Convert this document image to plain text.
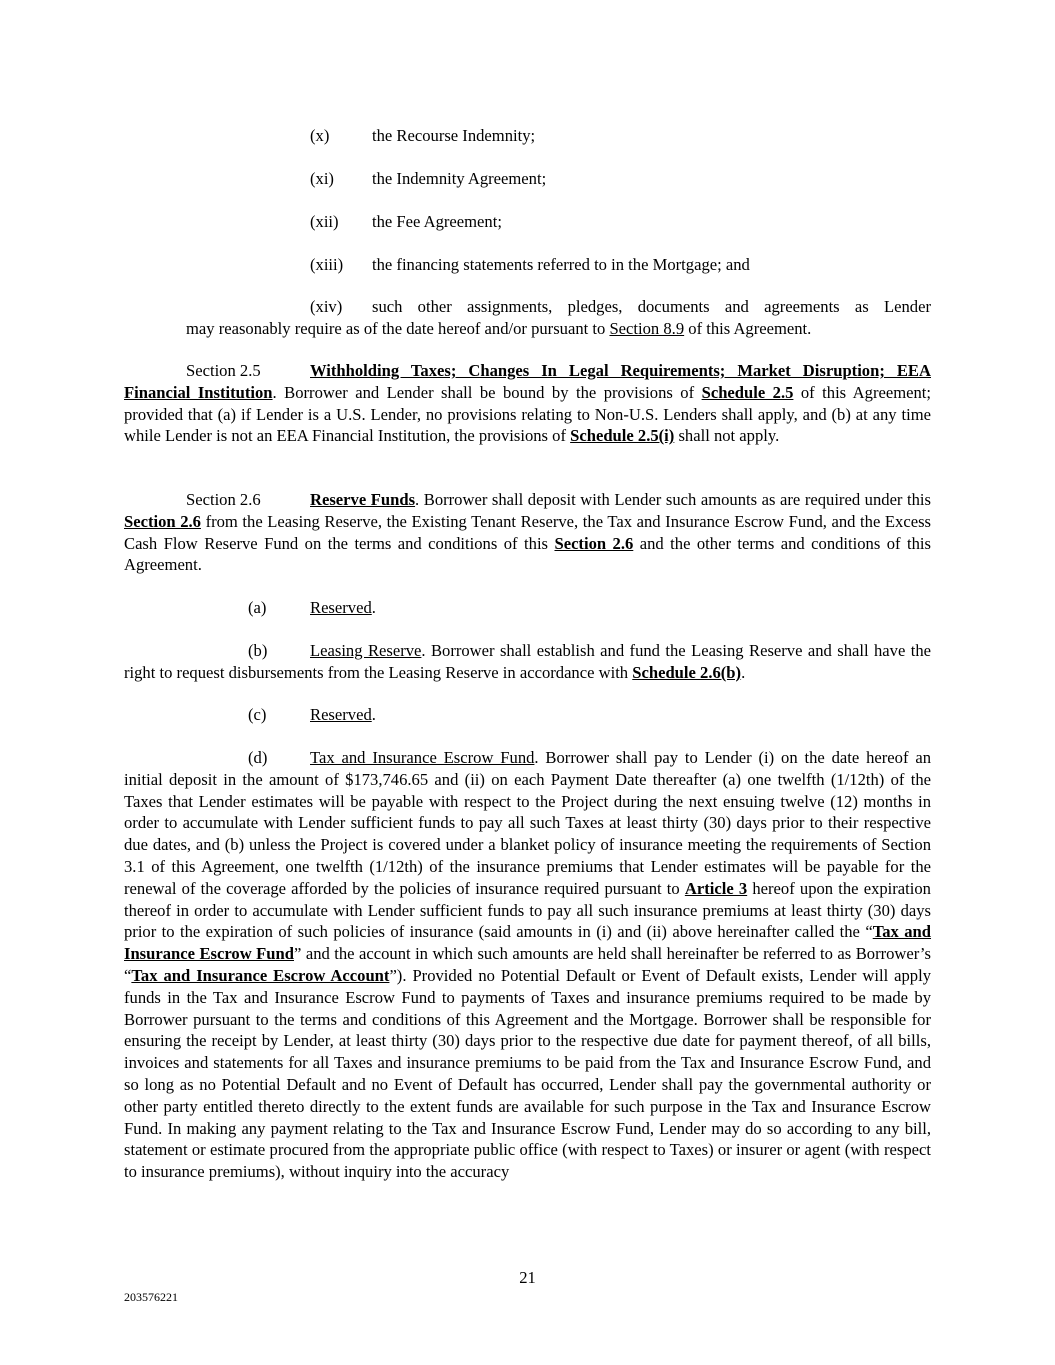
(x)	the Recourse Indemnity;
(xi) the Indemnity Agreement;
(xii) the Fee Agreement;
(xiii) the financing statements referred to in the Mortgage; and
(xiv) such other assignments, pledges, documents and agreements as Lender
may reasonably require as of the date hereof and/or pursuant to Section 8.9 of this Agreement.
Section 2.5	Withholding Taxes; Changes In Legal Requirements; Market Disruption; EEA Financial Institution. Borrower and Lender shall be bound by the provisions of Schedule 2.5 of this Agreement; provided that (a) if Lender is a U.S. Lender, no provisions relating to Non-U.S. Lenders shall apply, and (b) at any time while Lender is not an EEA Financial Institution, the provisions of Schedule 2.5(i) shall not apply.
Section 2.6	Reserve Funds. Borrower shall deposit with Lender such amounts as are required under this Section 2.6 from the Leasing Reserve, the Existing Tenant Reserve, the Tax and Insurance Escrow Fund, and the Excess Cash Flow Reserve Fund on the terms and conditions of this Section 2.6 and the other terms and conditions of this Agreement.
(a)	Reserved.
(b)	Leasing Reserve. Borrower shall establish and fund the Leasing Reserve and shall have the right to request disbursements from the Leasing Reserve in accordance with Schedule 2.6(b).
(c)	Reserved.
(d)	Tax and Insurance Escrow Fund. Borrower shall pay to Lender (i) on the date hereof an initial deposit in the amount of $173,746.65 and (ii) on each Payment Date thereafter (a) one twelfth (1/12th) of the Taxes that Lender estimates will be payable with respect to the Project during the next ensuing twelve (12) months in order to accumulate with Lender sufficient funds to pay all such Taxes at least thirty (30) days prior to their respective due dates, and (b) unless the Project is covered under a blanket policy of insurance meeting the requirements of Section 3.1 of this Agreement, one twelfth (1/12th) of the insurance premiums that Lender estimates will be payable for the renewal of the coverage afforded by the policies of insurance required pursuant to Article 3 hereof upon the expiration thereof in order to accumulate with Lender sufficient funds to pay all such insurance premiums at least thirty (30) days prior to the expiration of such policies of insurance (said amounts in (i) and (ii) above hereinafter called the “Tax and Insurance Escrow Fund” and the account in which such amounts are held shall hereinafter be referred to as Borrower’s “Tax and Insurance Escrow Account”). Provided no Potential Default or Event of Default exists, Lender will apply funds in the Tax and Insurance Escrow Fund to payments of Taxes and insurance premiums required to be made by Borrower pursuant to the terms and conditions of this Agreement and the Mortgage. Borrower shall be responsible for ensuring the receipt by Lender, at least thirty (30) days prior to the respective due date for payment thereof, of all bills, invoices and statements for all Taxes and insurance premiums to be paid from the Tax and Insurance Escrow Fund, and so long as no Potential Default and no Event of Default has occurred, Lender shall pay the governmental authority or other party entitled thereto directly to the extent funds are available for such purpose in the Tax and Insurance Escrow Fund. In making any payment relating to the Tax and Insurance Escrow Fund, Lender may do so according to any bill, statement or estimate procured from the appropriate public office (with respect to Taxes) or insurer or agent (with respect to insurance premiums), without inquiry into the accuracy
21
203576221
